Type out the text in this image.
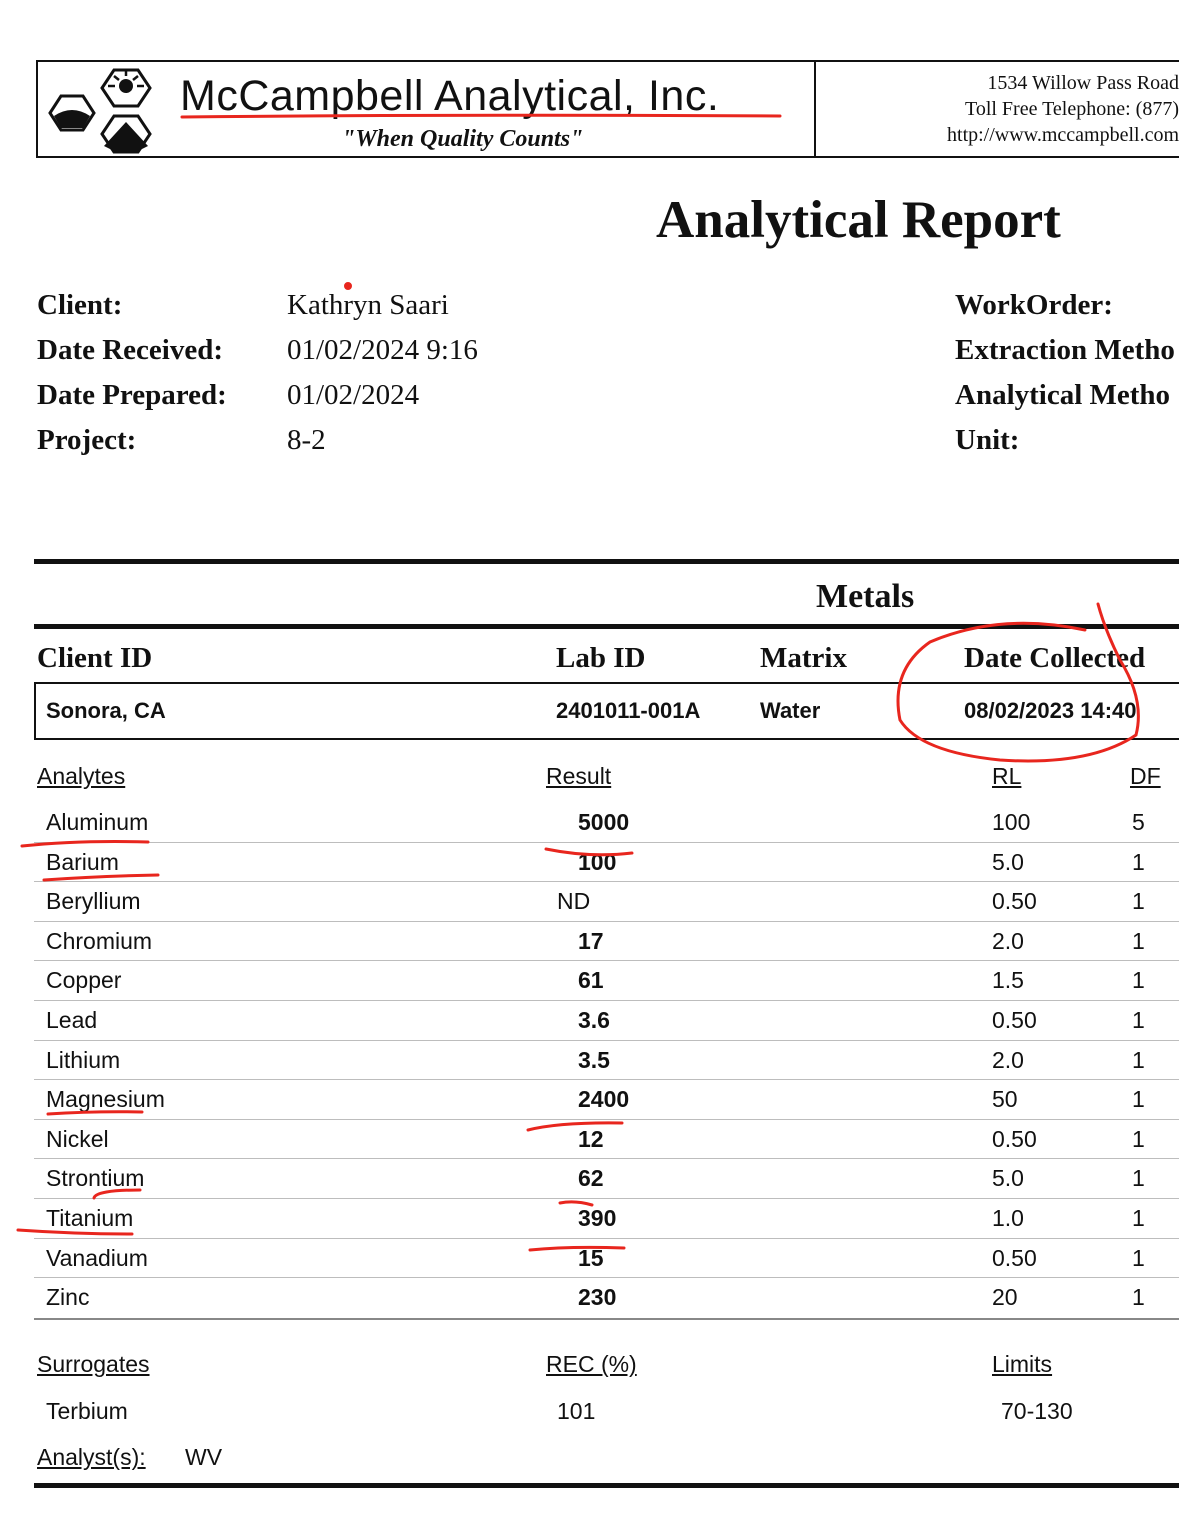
McCampbell Analytical, Inc.
"When Quality Counts"
1534 Willow Pass Road
Toll Free Telephone: (877)
http://www.mccampbell.com
Analytical Report
Client:	Kathryn Saari
Date Received: 01/02/2024 9:16
Date Prepared: 01/02/2024
Project:	8-2
WorkOrder:
Extraction Metho
Analytical Metho
Unit:
Metals
Client ID	Lab ID	Matrix	Date Collected
Sonora, CA	2401011-001A	Water	08/02/2023 14:40
Analytes	Result	RL	DF
Aluminum	5000	100	5
Barium	100	5.0	1
Beryllium	ND	0.50	1
Chromium	17	2.0	1
Copper	61	1.5	1
Lead	3.6	0.50	1
Lithium	3.5	2.0	1
Magnesium	2400	50	1
Nickel	12	0.50	1
Strontium	62	5.0	1
Titanium	390	1.0	1
Vanadium	15	0.50	1
Zinc	230	20	1
Surrogates	REC (%)	Limits
Terbium	101	70-130
Analyst(s): WV
